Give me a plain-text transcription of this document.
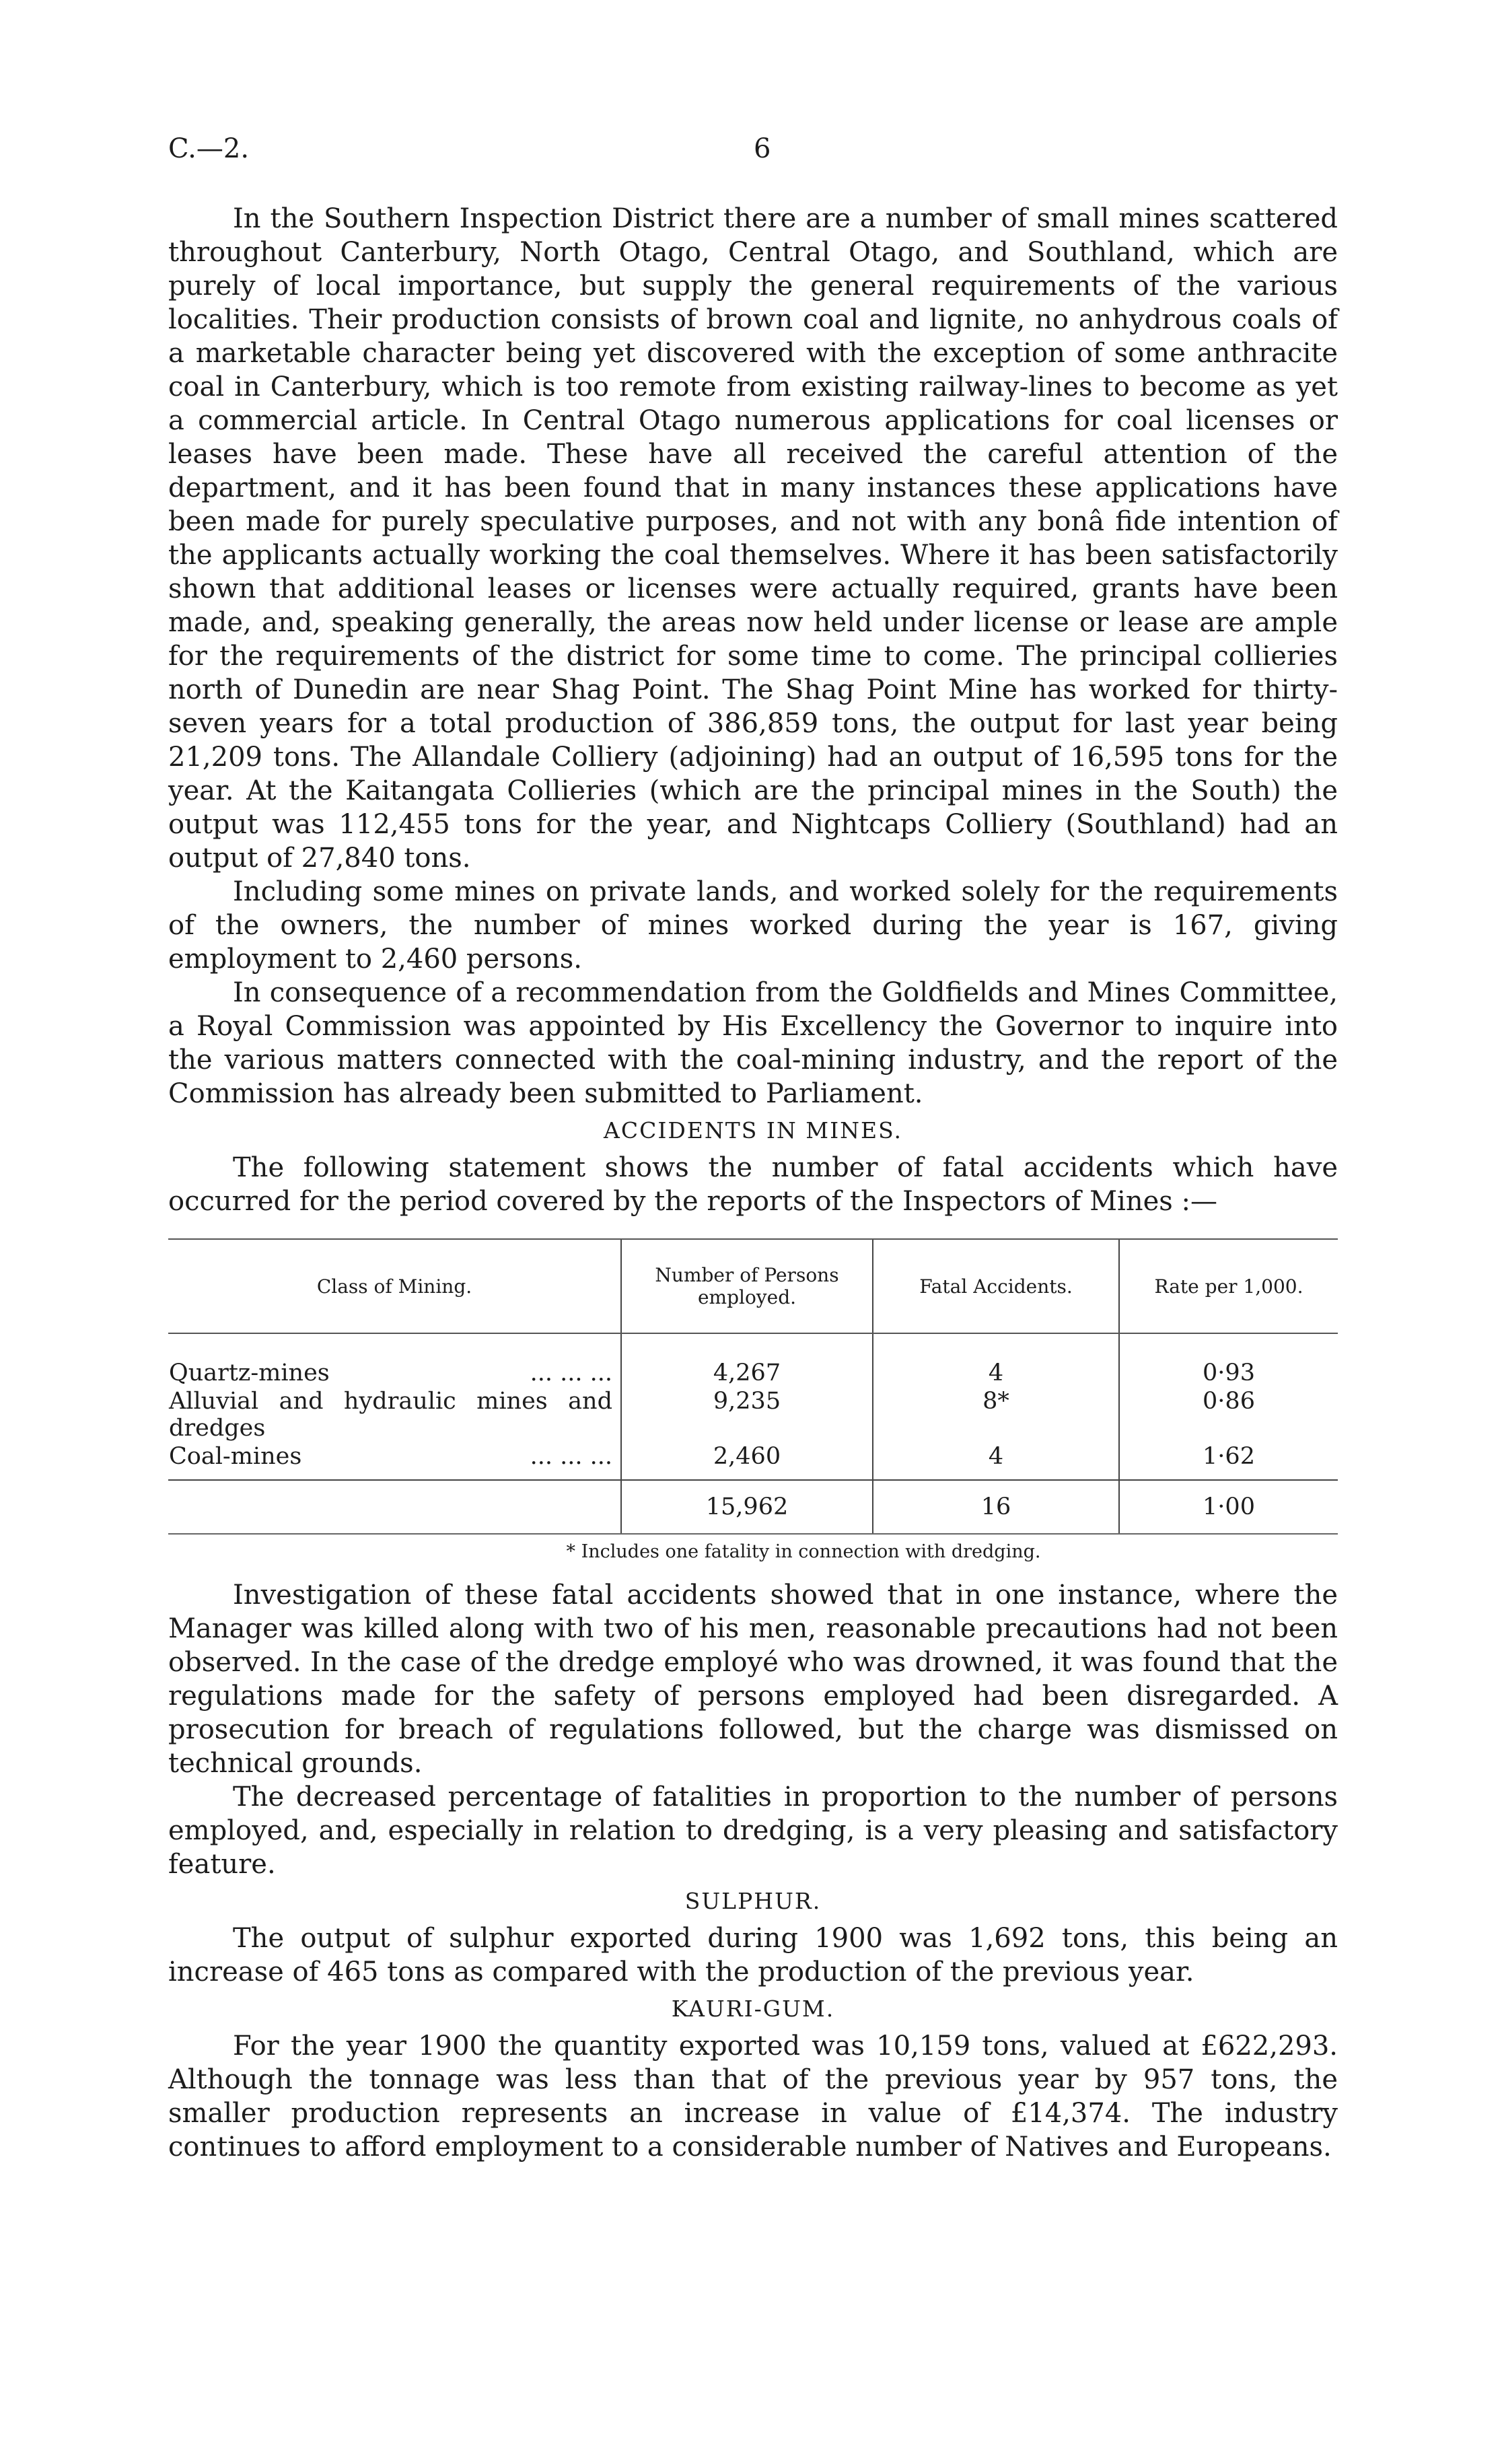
C.—2.	6

In the Southern Inspection District there are a number of small mines scattered throughout Canterbury, North Otago, Central Otago, and Southland, which are purely of local importance, but supply the general requirements of the various localities. Their production consists of brown coal and lignite, no anhydrous coals of a marketable character being yet discovered with the exception of some anthracite coal in Canterbury, which is too remote from existing railway-lines to become as yet a commercial article. In Central Otago numerous applications for coal licenses or leases have been made. These have all received the careful attention of the department, and it has been found that in many instances these applications have been made for purely speculative purposes, and not with any bonâ fide intention of the applicants actually working the coal themselves. Where it has been satisfactorily shown that additional leases or licenses were actually required, grants have been made, and, speaking generally, the areas now held under license or lease are ample for the requirements of the district for some time to come. The principal collieries north of Dunedin are near Shag Point. The Shag Point Mine has worked for thirty-seven years for a total production of 386,859 tons, the output for last year being 21,209 tons. The Allandale Colliery (adjoining) had an output of 16,595 tons for the year. At the Kaitangata Collieries (which are the principal mines in the South) the output was 112,455 tons for the year, and Nightcaps Colliery (Southland) had an output of 27,840 tons.

Including some mines on private lands, and worked solely for the requirements of the owners, the number of mines worked during the year is 167, giving employment to 2,460 persons.

In consequence of a recommendation from the Goldfields and Mines Committee, a Royal Commission was appointed by His Excellency the Governor to inquire into the various matters connected with the coal-mining industry, and the report of the Commission has already been submitted to Parliament.

ACCIDENTS IN MINES.

The following statement shows the number of fatal accidents which have occurred for the period covered by the reports of the Inspectors of Mines :—

Class of Mining.	Number of Persons employed.	Fatal Accidents.	Rate per 1,000.

Quartz-mines ... ... ...	4,267	4	0·93
Alluvial and hydraulic mines and dredges	9,235	8*	0·86

Coal-mines ... ... ...	2,460	4	1·62
	15,962	16	1·00
* Includes one fatality in connection with dredging.

Investigation of these fatal accidents showed that in one instance, where the Manager was killed along with two of his men, reasonable precautions had not been observed. In the case of the dredge employé who was drowned, it was found that the regulations made for the safety of persons employed had been disregarded. A prosecution for breach of regulations followed, but the charge was dismissed on technical grounds.

The decreased percentage of fatalities in proportion to the number of persons employed, and, especially in relation to dredging, is a very pleasing and satisfactory feature.

SULPHUR.

The output of sulphur exported during 1900 was 1,692 tons, this being an increase of 465 tons as compared with the production of the previous year.

KAURI-GUM.

For the year 1900 the quantity exported was 10,159 tons, valued at £622,293. Although the tonnage was less than that of the previous year by 957 tons, the smaller production represents an increase in value of £14,374. The industry continues to afford employment to a considerable number of Natives and Europeans.
